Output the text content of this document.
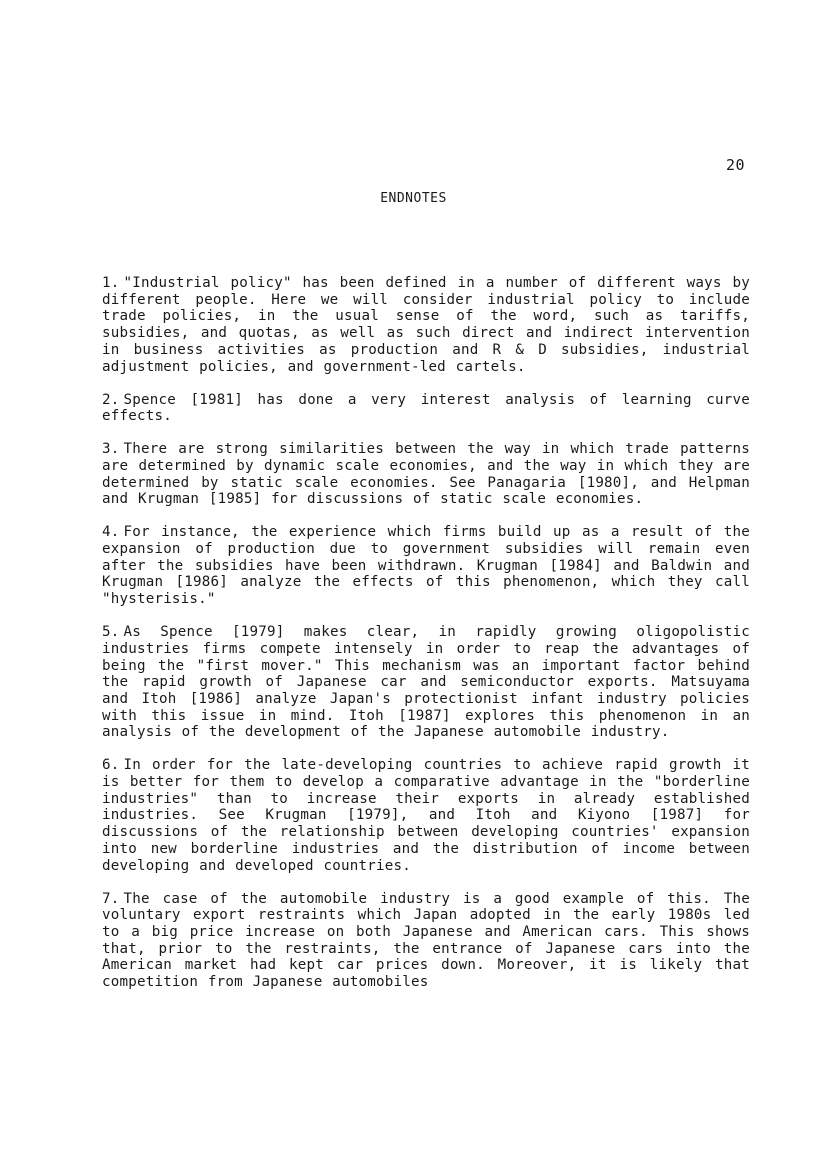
20
ENDNOTES
1. "Industrial policy" has been defined in a number of different ways by different people. Here we will consider industrial policy to include trade policies, in the usual sense of the word, such as tariffs, subsidies, and quotas, as well as such direct and indirect intervention in business activities as production and R & D subsidies, industrial adjustment policies, and government-led cartels.
2. Spence [1981] has done a very interest analysis of learning curve effects.
3. There are strong similarities between the way in which trade patterns are determined by dynamic scale economies, and the way in which they are determined by static scale economies. See Panagaria [1980], and Helpman and Krugman [1985] for discussions of static scale economies.
4. For instance, the experience which firms build up as a result of the expansion of production due to government subsidies will remain even after the subsidies have been withdrawn. Krugman [1984] and Baldwin and Krugman [1986] analyze the effects of this phenomenon, which they call "hysterisis."
5. As Spence [1979] makes clear, in rapidly growing oligopolistic industries firms compete intensely in order to reap the advantages of being the "first mover." This mechanism was an important factor behind the rapid growth of Japanese car and semiconductor exports. Matsuyama and Itoh [1986] analyze Japan's protectionist infant industry policies with this issue in mind. Itoh [1987] explores this phenomenon in an analysis of the development of the Japanese automobile industry.
6. In order for the late-developing countries to achieve rapid growth it is better for them to develop a comparative advantage in the "borderline industries" than to increase their exports in already established industries. See Krugman [1979], and Itoh and Kiyono [1987] for discussions of the relationship between developing countries' expansion into new borderline industries and the distribution of income between developing and developed countries.
7. The case of the automobile industry is a good example of this. The voluntary export restraints which Japan adopted in the early 1980s led to a big price increase on both Japanese and American cars. This shows that, prior to the restraints, the entrance of Japanese cars into the American market had kept car prices down. Moreover, it is likely that competition from Japanese automobiles
